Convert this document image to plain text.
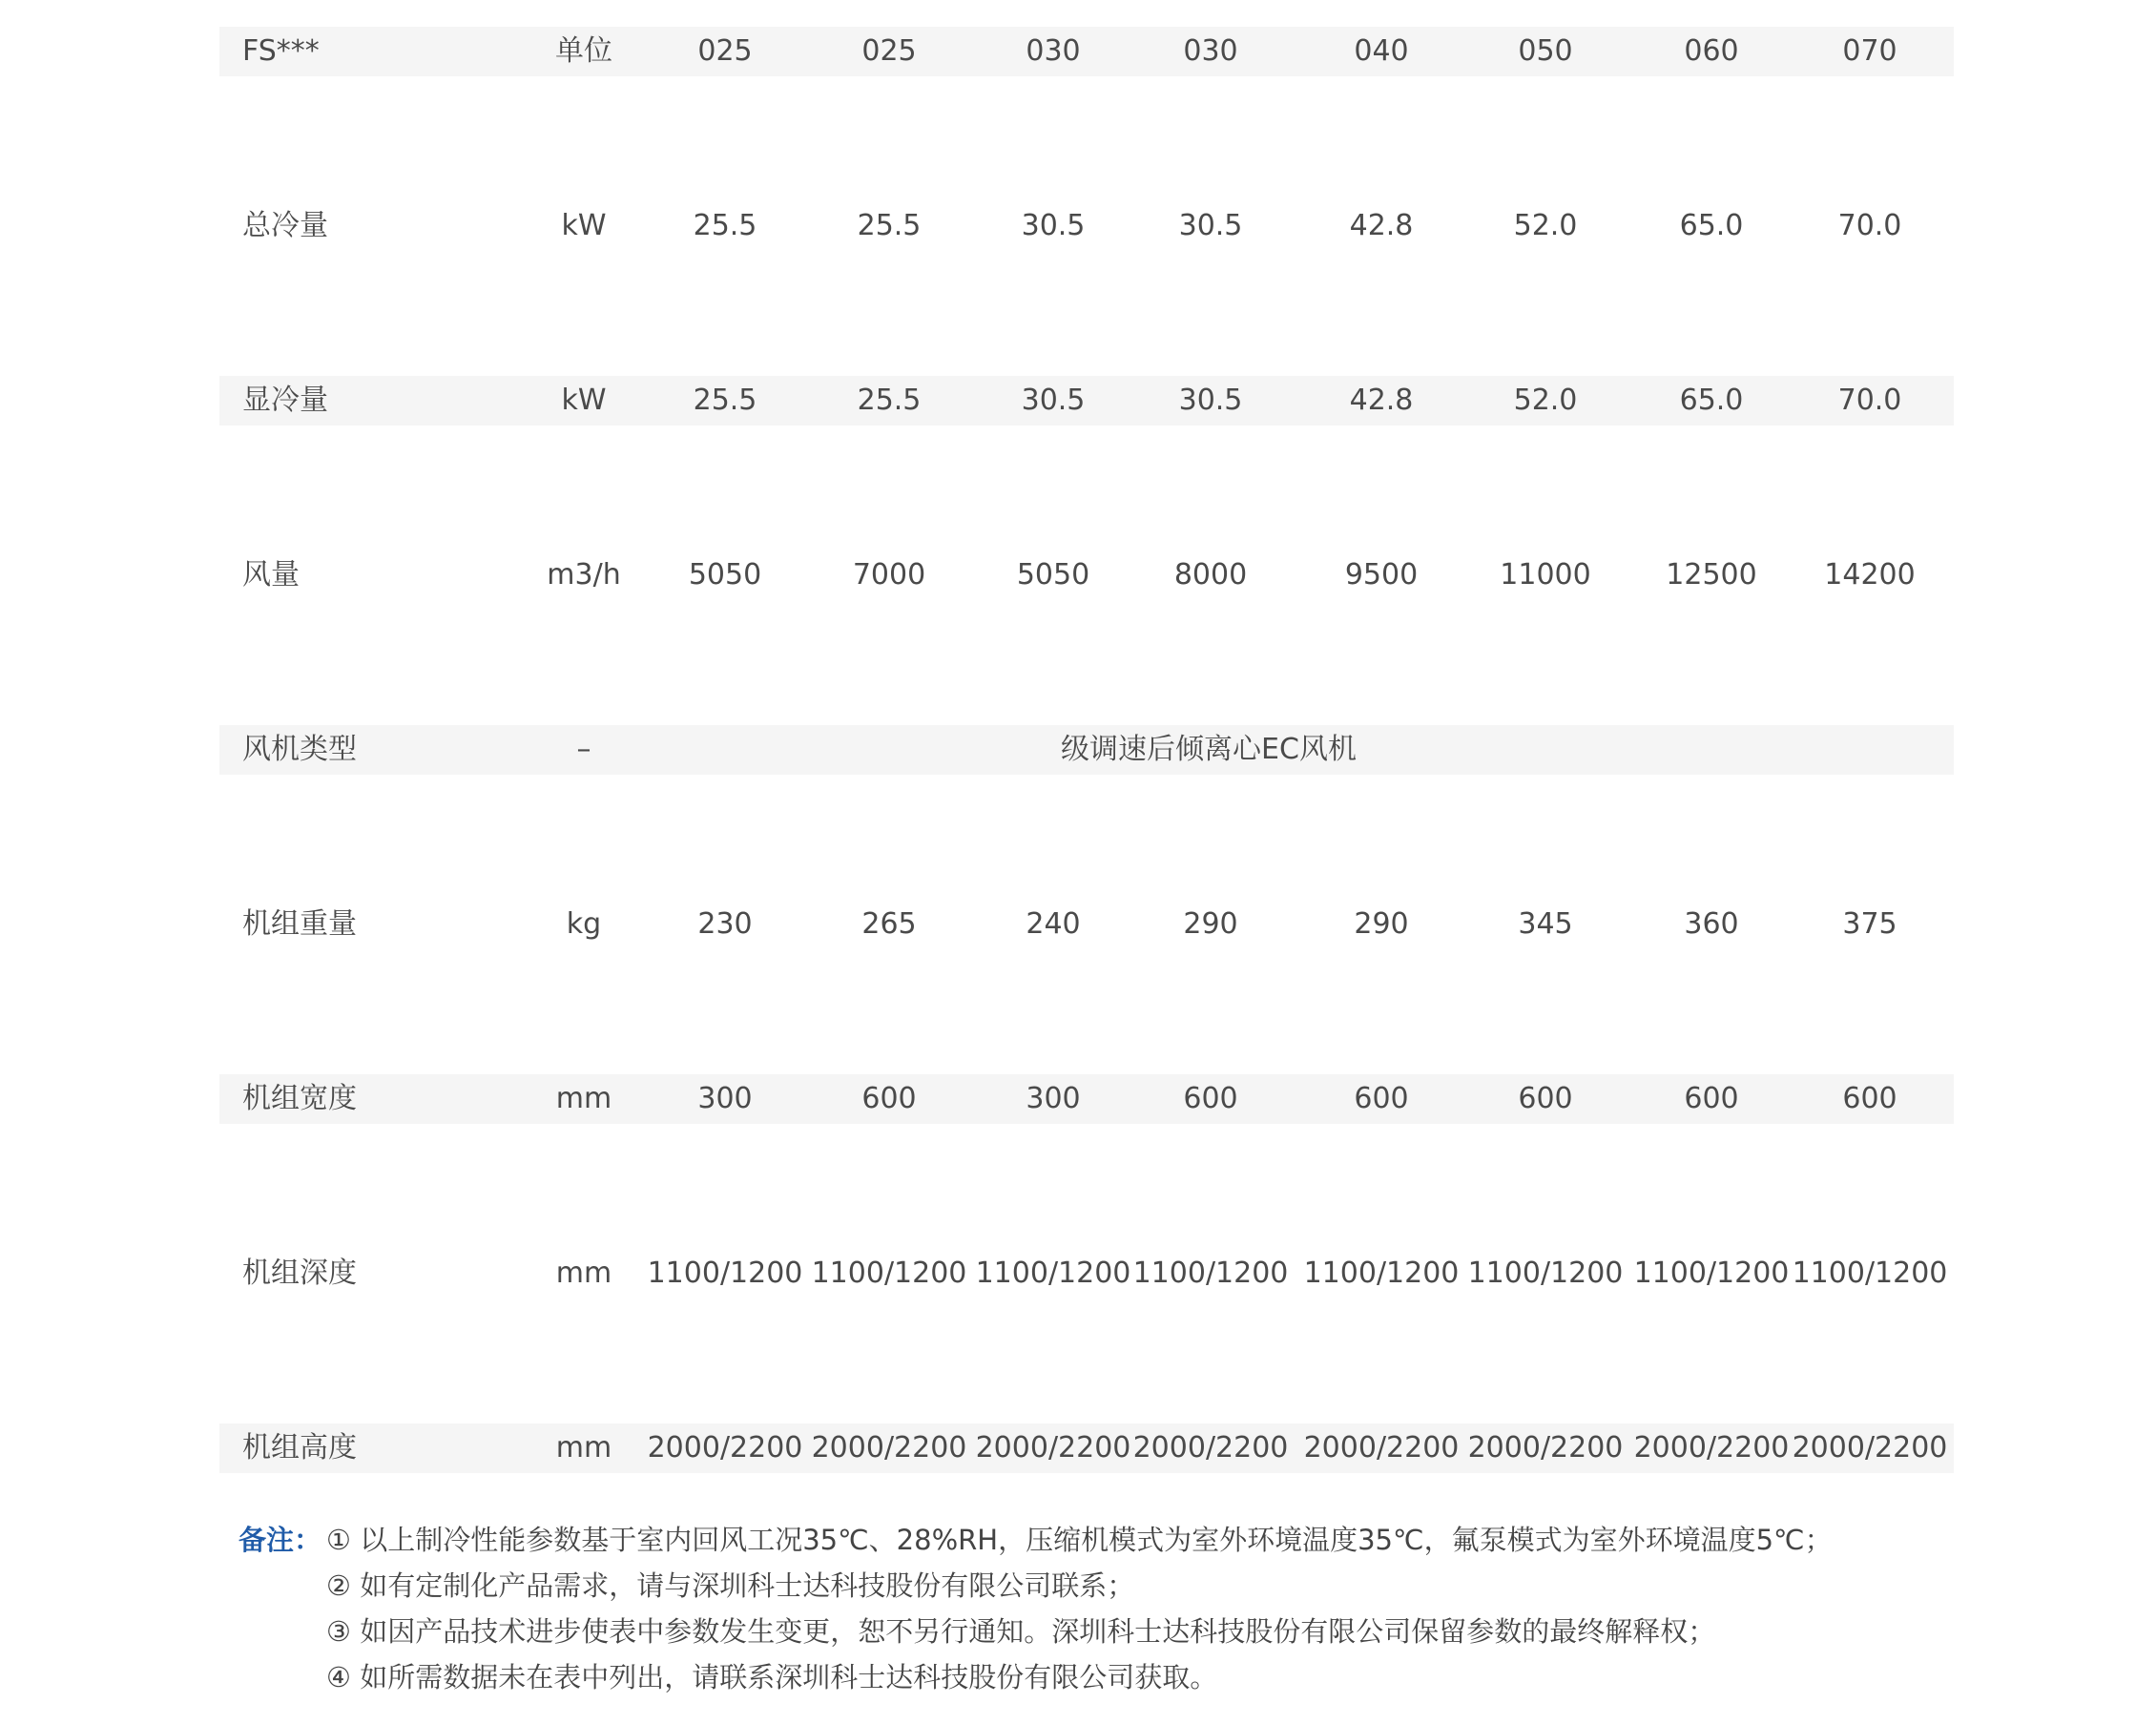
FS***	单位	025	025	030	030	040	050	060	070
总冷量	kW	25.5	25.5	30.5	30.5	42.8	52.0	65.0	70.0
显冷量	kW	25.5	25.5	30.5	30.5	42.8	52.0	65.0	70.0
风量	m3/h 5050	7000	5050	8000	9500	11000	12500 14200
风机类型	–	级调速后倾离心EC风机
机组重量	kg	230	265	240	290	290	345	360	375
机组宽度	mm	300	600	300	600	600	600	600	600
机组深度	mm 1100/1200 1100/1200 1100/1200 1100/1200 1100/1200 1100/1200 1100/1200 1100/1200
机组高度	mm 2000/2200 2000/2200 2000/2200 2000/2200 2000/2200 2000/2200 2000/2200 2000/2200
备注： ① 以上制冷性能参数基于室内回风工况35℃、28%RH，压缩机模式为室外环境温度35℃，氟泵模式为室外环境温度5℃；
② 如有定制化产品需求，请与深圳科士达科技股份有限公司联系；
③ 如因产品技术进步使表中参数发生变更，恕不另行通知。深圳科士达科技股份有限公司保留参数的最终解释权；
④ 如所需数据未在表中列出，请联系深圳科士达科技股份有限公司获取。
